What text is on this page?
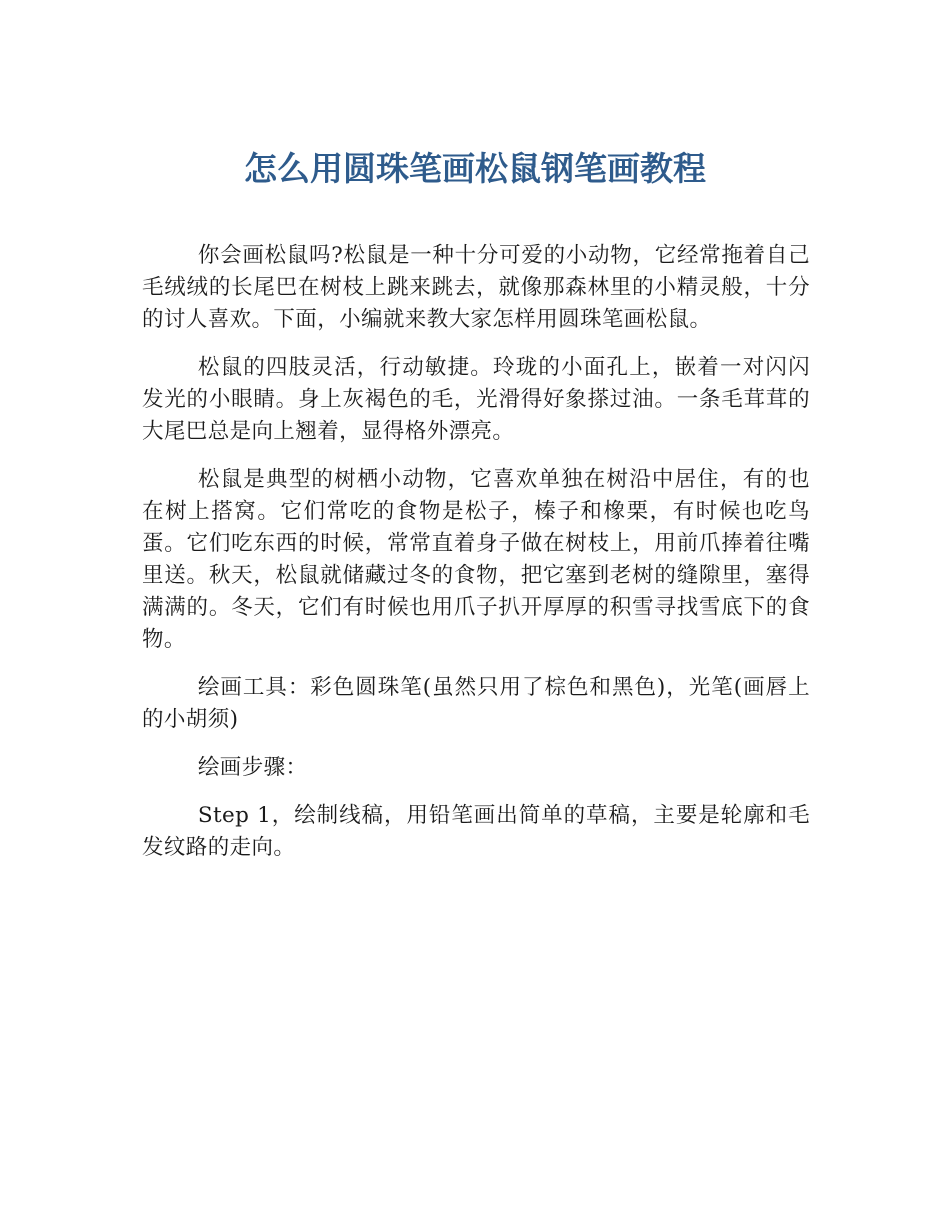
怎么用圆珠笔画松鼠钢笔画教程

你会画松鼠吗?松鼠是一种十分可爱的小动物，它经常拖着自己毛绒绒的长尾巴在树枝上跳来跳去，就像那森林里的小精灵般，十分的讨人喜欢。下面，小编就来教大家怎样用圆珠笔画松鼠。

松鼠的四肢灵活，行动敏捷。玲珑的小面孔上，嵌着一对闪闪发光的小眼睛。身上灰褐色的毛，光滑得好象搽过油。一条毛茸茸的大尾巴总是向上翘着，显得格外漂亮。

松鼠是典型的树栖小动物，它喜欢单独在树沿中居住，有的也在树上搭窝。它们常吃的食物是松子，榛子和橡栗，有时候也吃鸟蛋。它们吃东西的时候，常常直着身子做在树枝上，用前爪捧着往嘴里送。秋天，松鼠就储藏过冬的食物，把它塞到老树的缝隙里，塞得满满的。冬天，它们有时候也用爪子扒开厚厚的积雪寻找雪底下的食物。

绘画工具：彩色圆珠笔(虽然只用了棕色和黑色)，光笔(画唇上的小胡须)

绘画步骤：

Step 1，绘制线稿，用铅笔画出简单的草稿，主要是轮廓和毛发纹路的走向。
